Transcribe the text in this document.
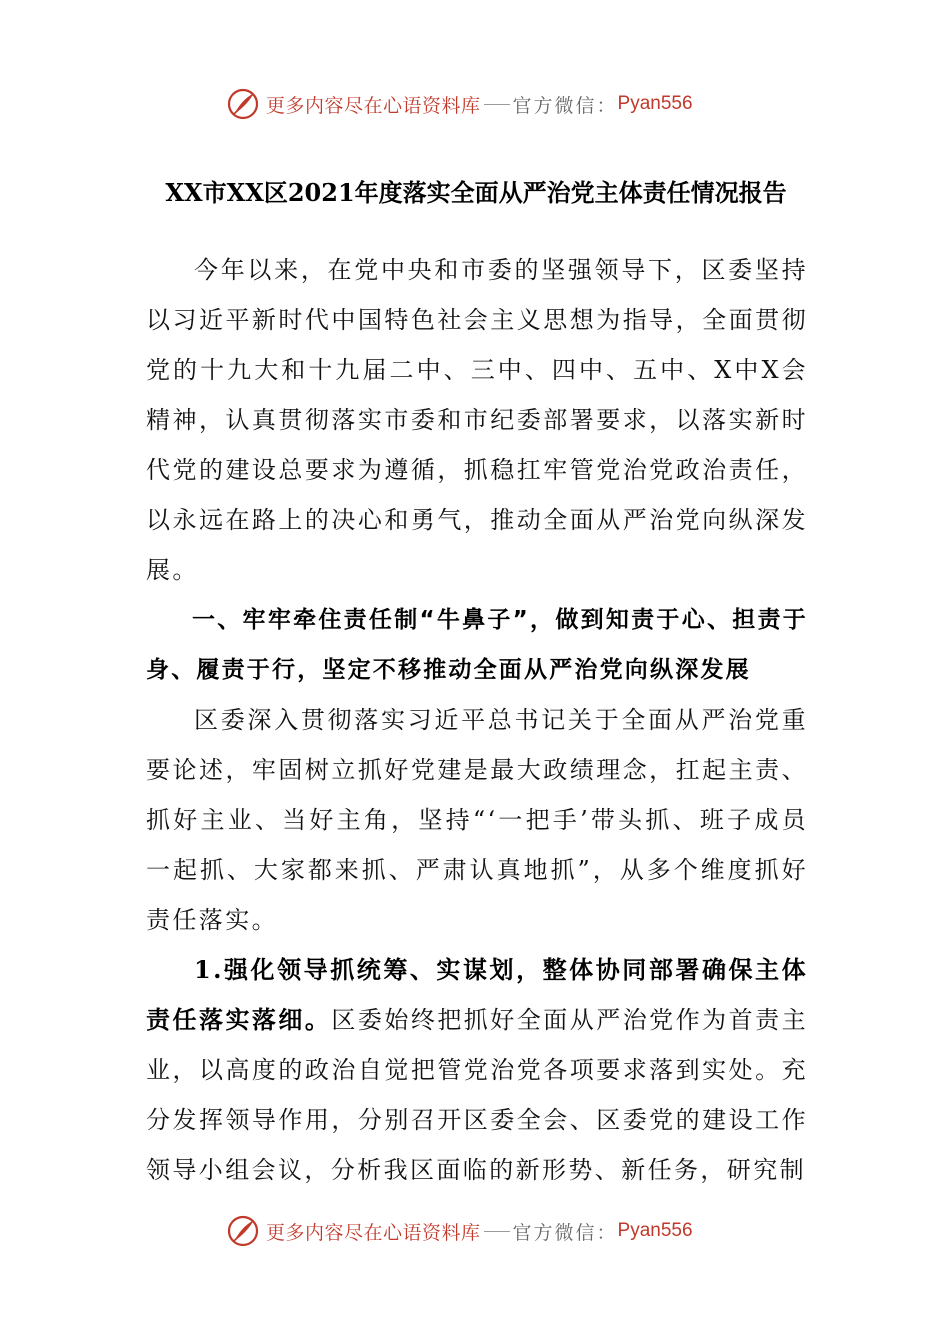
更多内容尽在心语资料库 官方微信： Pyan556
XX市XX区2021年度落实全面从严治党主体责任情况报告

今年以来，在党中央和市委的坚强领导下，区委坚持以习近平新时代中国特色社会主义思想为指导，全面贯彻党的十九大和十九届二中、三中、四中、五中、X中X会精神，认真贯彻落实市委和市纪委部署要求，以落实新时代党的建设总要求为遵循，抓稳扛牢管党治党政治责任，以永远在路上的决心和勇气，推动全面从严治党向纵深发展。

一、牢牢牵住责任制“牛鼻子”，做到知责于心、担责于身、履责于行，坚定不移推动全面从严治党向纵深发展

区委深入贯彻落实习近平总书记关于全面从严治党重要论述，牢固树立抓好党建是最大政绩理念，扛起主责、抓好主业、当好主角，坚持“‘一把手’带头抓、班子成员一起抓、大家都来抓、严肃认真地抓”，从多个维度抓好责任落实。

1.强化领导抓统筹、实谋划，整体协同部署确保主体责任落实落细。区委始终把抓好全面从严治党作为首责主业，以高度的政治自觉把管党治党各项要求落到实处。充分发挥领导作用，分别召开区委全会、区委党的建设工作领导小组会议，分析我区面临的新形势、新任务，研究制

更多内容尽在心语资料库 官方微信： Pyan556
